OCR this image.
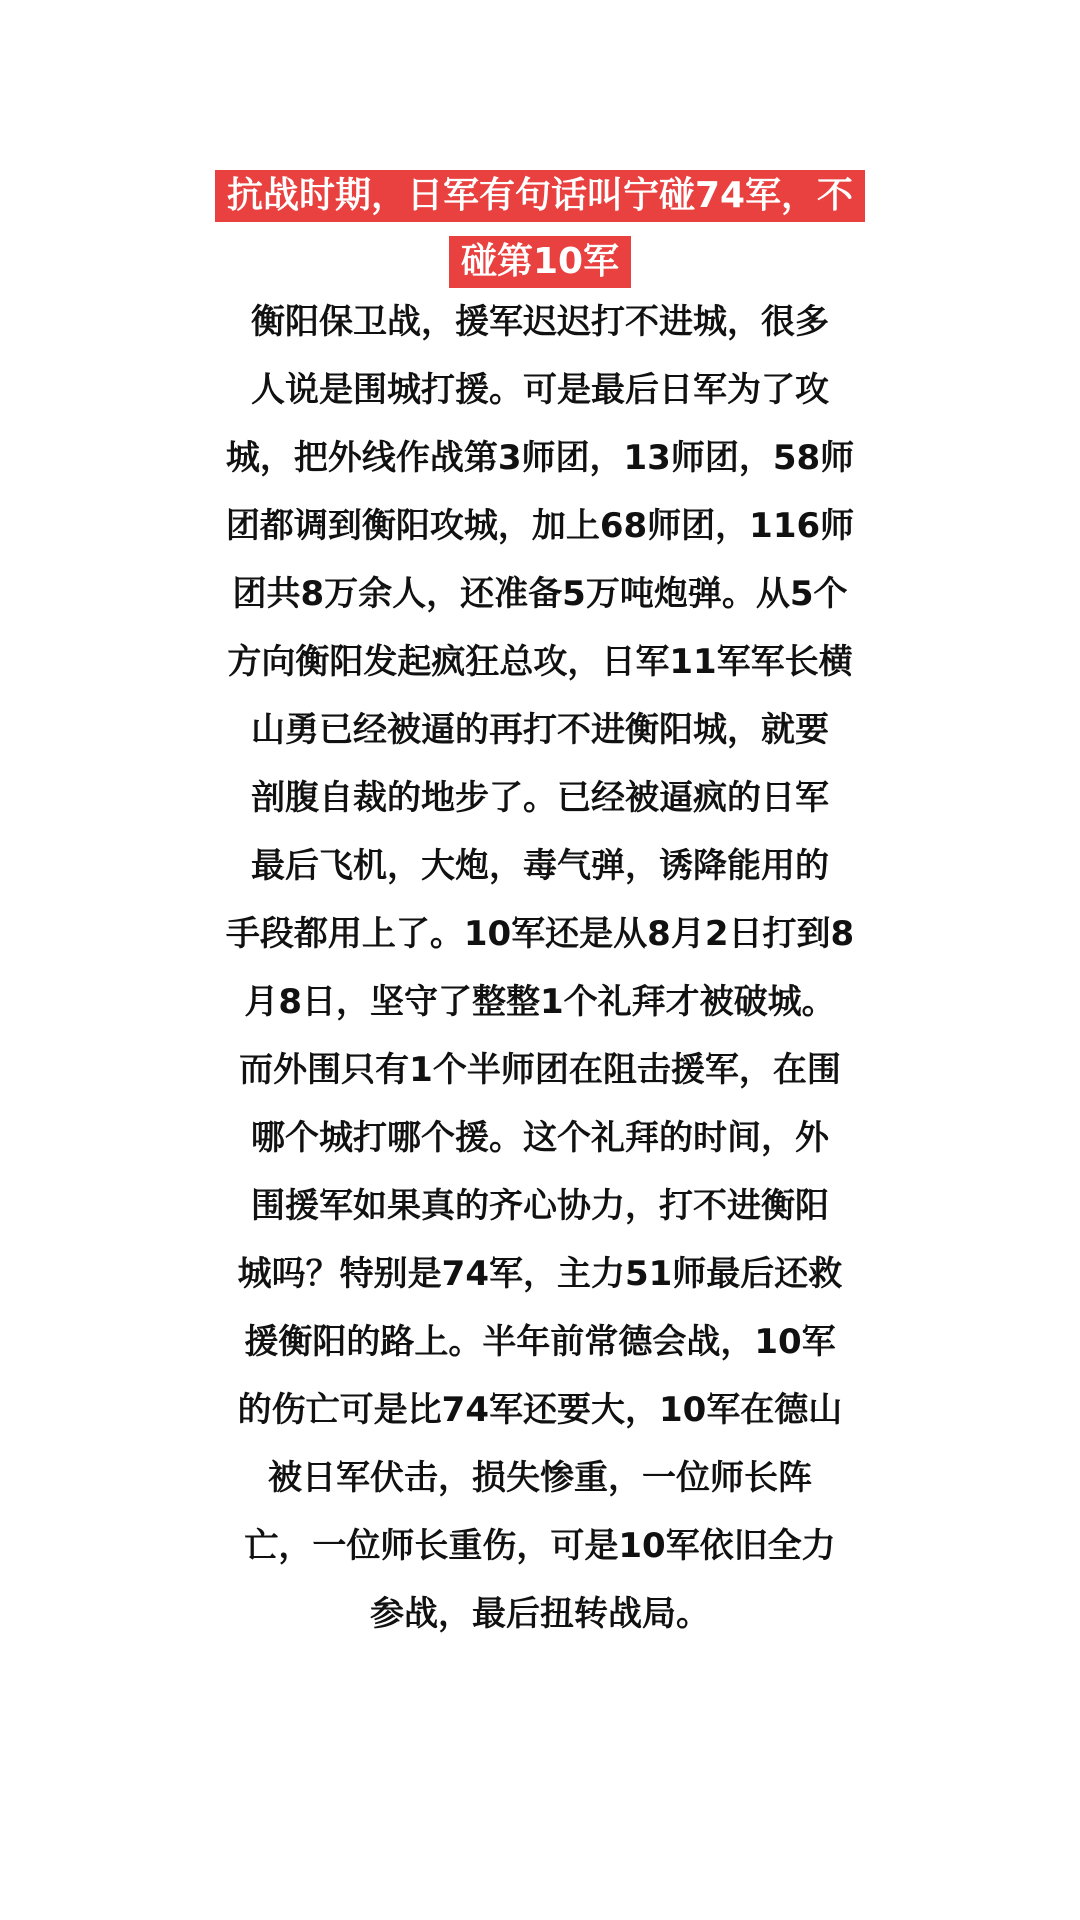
抗战时期，日军有句话叫宁碰74军，不
碰第10军
衡阳保卫战，援军迟迟打不进城，很多
人说是围城打援。可是最后日军为了攻
城，把外线作战第3师团，13师团，58师
团都调到衡阳攻城，加上68师团，116师
团共8万余人，还准备5万吨炮弹。从5个
方向衡阳发起疯狂总攻，日军11军军长横
山勇已经被逼的再打不进衡阳城，就要
剖腹自裁的地步了。已经被逼疯的日军
最后飞机，大炮，毒气弹，诱降能用的
手段都用上了。10军还是从8月2日打到8
月8日，坚守了整整1个礼拜才被破城。
而外围只有1个半师团在阻击援军，在围
哪个城打哪个援。这个礼拜的时间，外
围援军如果真的齐心协力，打不进衡阳
城吗？特别是74军，主力51师最后还救
援衡阳的路上。半年前常德会战，10军
的伤亡可是比74军还要大，10军在德山
被日军伏击，损失惨重，一位师长阵
亡，一位师长重伤，可是10军依旧全力
参战，最后扭转战局。
